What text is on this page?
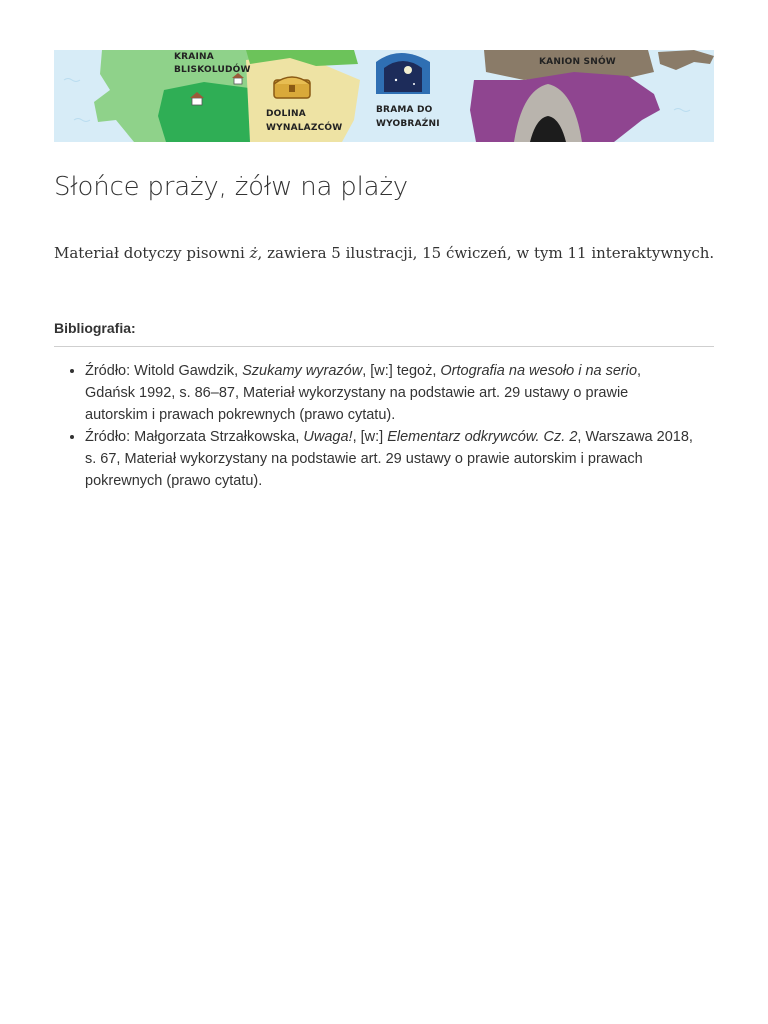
KRAINA
BLISKOLUDÓW
DOLINA
WYNALAZCÓW
BRAMA DO
WYOBRAŹNI
KANION SNÓW
Słońce praży, żółw na plaży

Materiał dotyczy pisowni ż, zawiera 5 ilustracji, 15 ćwiczeń, w tym 11 interaktywnych.

Bibliografia:
Źródło: Witold Gawdzik, Szukamy wyrazów, [w:] tegoż, Ortografia na wesoło i na serio, Gdańsk 1992, s. 86–87, Materiał wykorzystany na podstawie art. 29 ustawy o prawie autorskim i prawach pokrewnych (prawo cytatu).
Źródło: Małgorzata Strzałkowska, Uwaga!, [w:] Elementarz odkrywców. Cz. 2, Warszawa 2018, s. 67, Materiał wykorzystany na podstawie art. 29 ustawy o prawie autorskim i prawach pokrewnych (prawo cytatu).
